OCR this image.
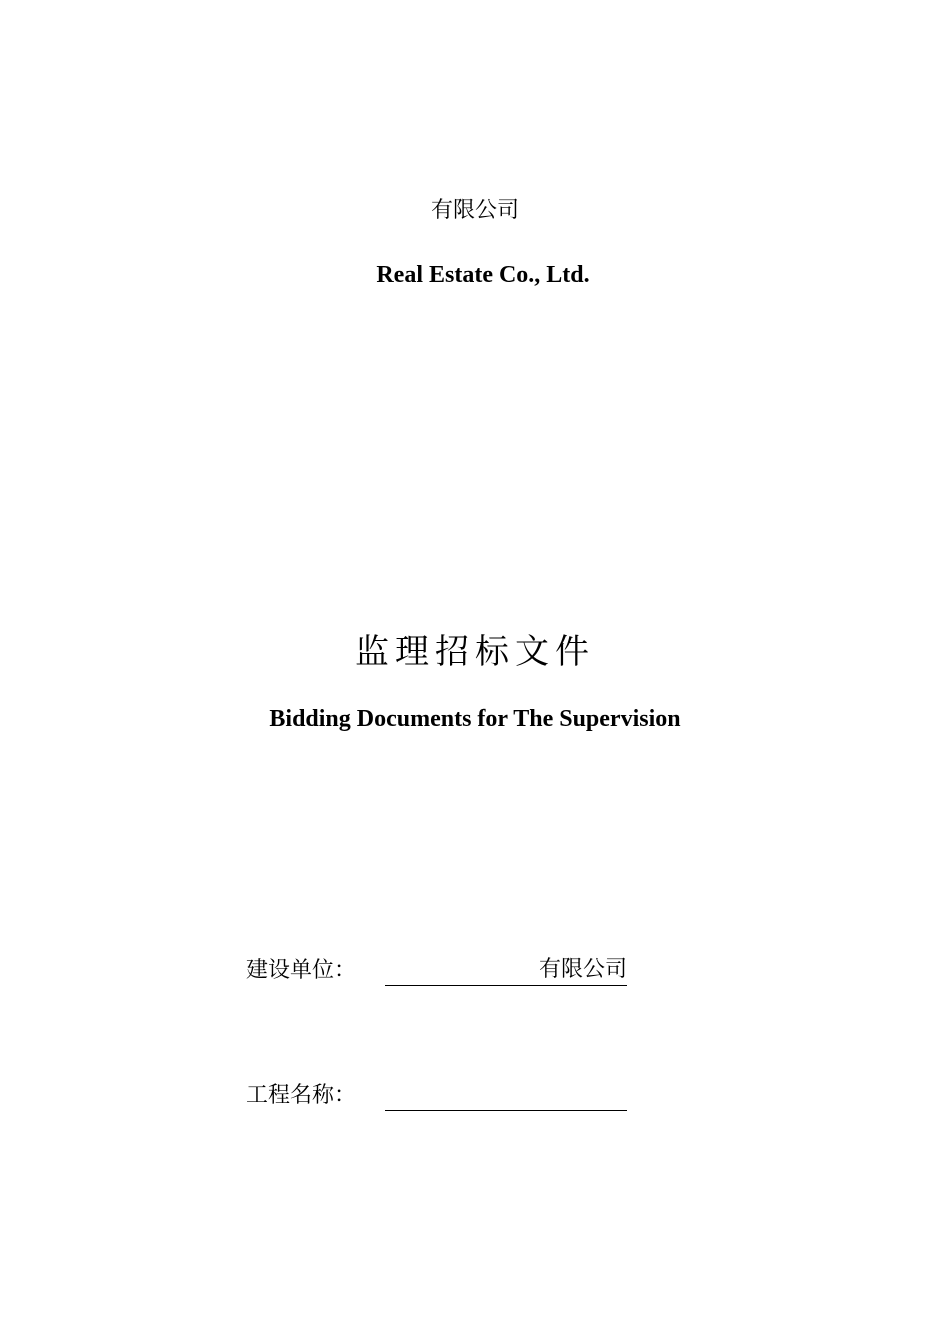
有限公司
Real Estate Co., Ltd.
监理招标文件
Bidding Documents for The Supervision
建设单位：	有限公司
工程名称：
